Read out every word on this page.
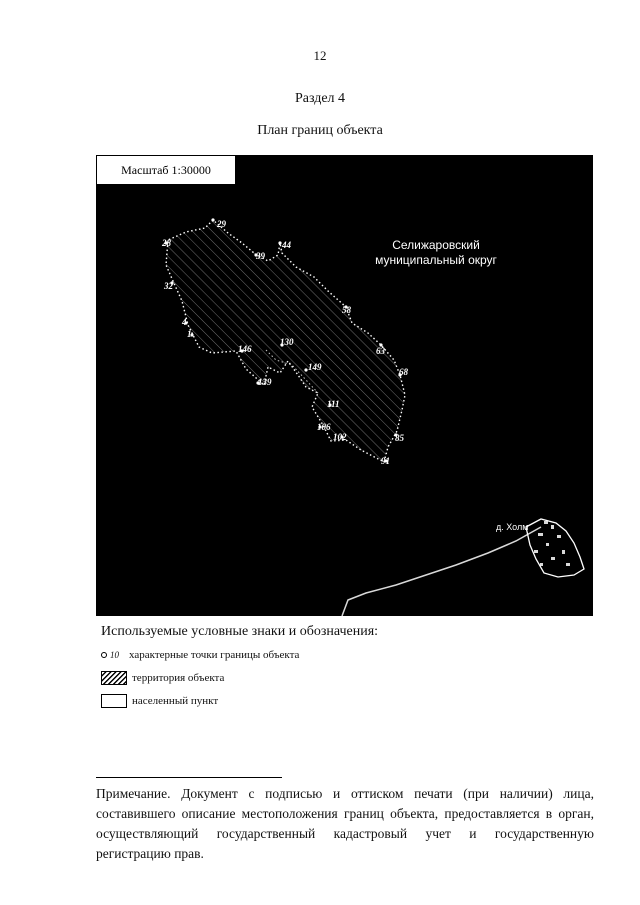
12
Раздел 4
План границ объекта
29
28
39
44
32
58
4
1
130
146	63
149	68
139
111
106
102	85
91
Селижаровский
муниципальный округ
д. Холм
Масштаб 1:30000
Используемые условные знаки и обозначения:
10 характерные точки границы объекта
территория объекта
населенный пункт
Примечание. Документ с подписью и оттиском печати (при наличии) лица, составившего описание местоположения границ объекта, предоставляется в орган, осуществляющий государственный кадастровый учет и государственную регистрацию прав.
